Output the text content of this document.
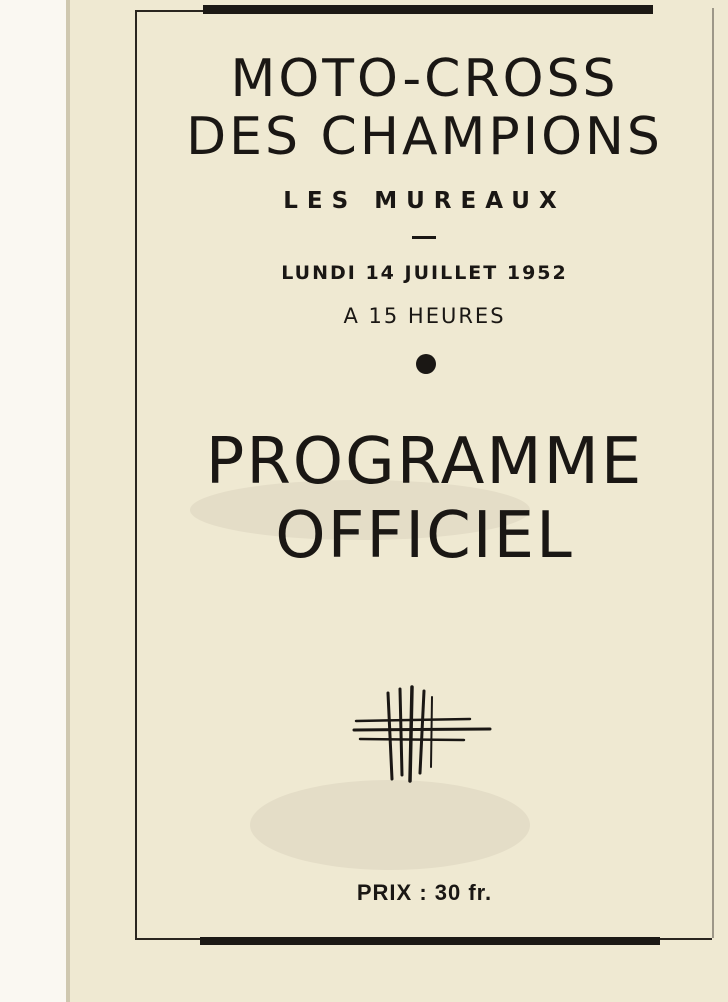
MOTO-CROSS
DES CHAMPIONS
LES MUREAUX
LUNDI 14 JUILLET 1952
A 15 HEURES
PROGRAMME
OFFICIEL
PRIX : 30 fr.
